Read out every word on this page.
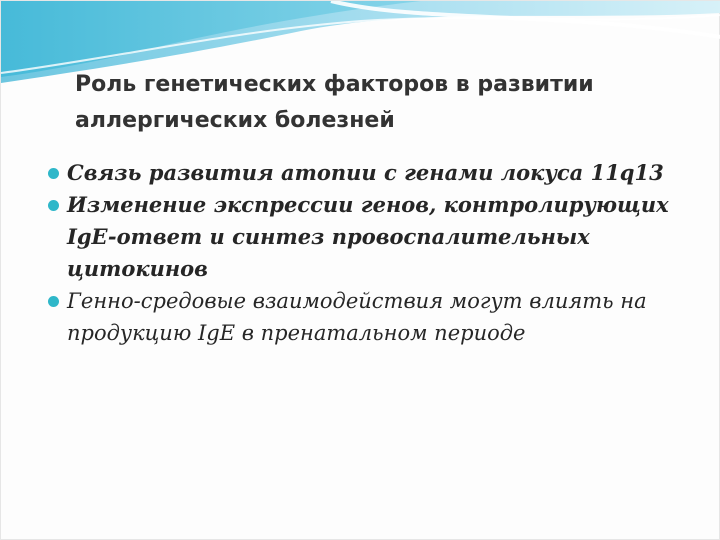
Роль генетических факторов в развитии аллергических болезней
Связь развития атопии с генами локуса 11q13
Изменение экспрессии генов, контролирующих IgE-ответ и синтез провоспалительных цитокинов
Генно-средовые взаимодействия могут влиять на продукцию IgE в пренатальном периоде
